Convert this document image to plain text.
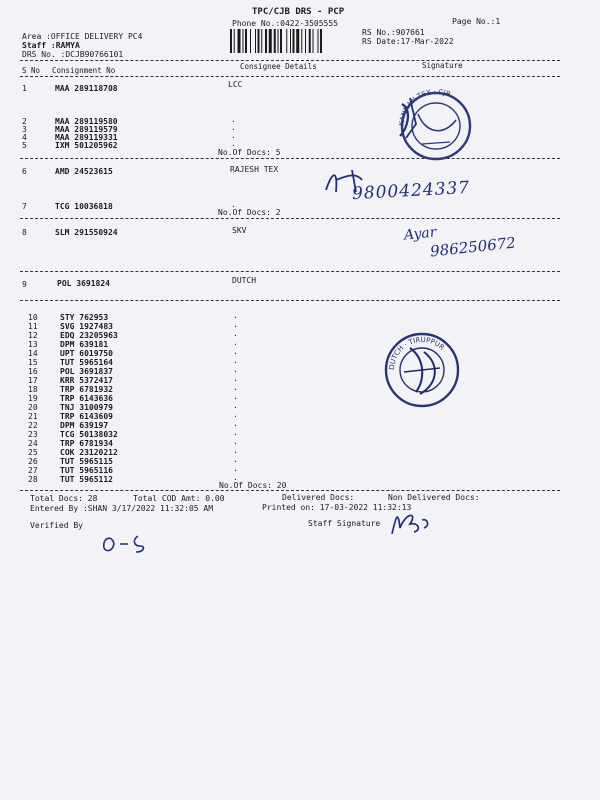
TPC/CJB DRS - PCP
Phone No.:0422-3505555	Page No.:1
Area :OFFICE DELIVERY PC4
Staff :RAMYA
DRS No. :DCJB90766101
RS No.:907661
RS Date:17-Mar-2022
S No Consignment No	Consignee Details	Signature
1	MAA 289118708	LCC
2	MAA 289119580	.
3	MAA 289119579	.
4	MAA 289119331	.
5	IXM 501205962	.
No.Of Docs: 5
6	AMD 24523615	RAJESH TEX
7	TCG 10036818	.
No.Of Docs: 2
8	SLM 291550924	SKV
9	POL 3691824	DUTCH
10	STY 762953	.
11	SVG 1927483	.
12	EDQ 23205963	.
13	DPM 639181	.
14	UPT 6019750	.
15	TUT 5965164	.
16	POL 3691837	.
17	KRR 5372417	.
18	TRP 6781932	.
19	TRP 6143636	.
20	TNJ 3100979	.
21	TRP 6143609	.
22	DPM 639197	.
23	TCG 50138032	.
24	TRP 6781934	.
25	COK 23120212	.
26	TUT 5965115	.
27	TUT 5965116	.
28	TUT 5965112	.
No.Of Docs: 20
Total Docs: 28	Total COD Amt: 0.00	Delivered Docs:	Non Delivered Docs:
Entered By :SHAN 3/17/2022 11:32:05 AM	Printed on: 17-03-2022 11:32:13
Verified By	Staff Signature
KANNAN TEX · CJB
9800424337
Ayar
986250672
DUTCH · TIRUPPUR
